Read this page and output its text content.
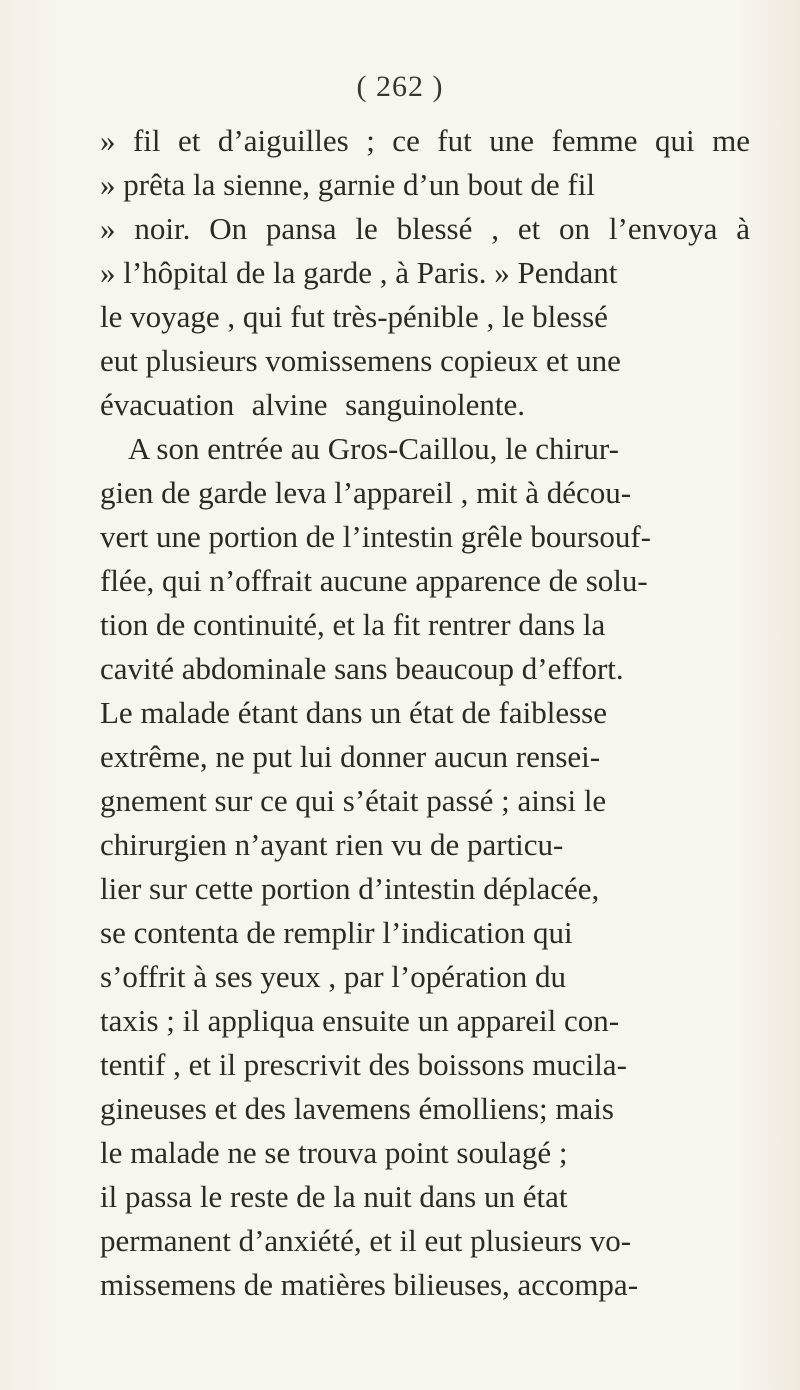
( 262 )
» fil et d’aiguilles ; ce fut une femme qui me
» prêta la sienne, garnie d’un bout de fil
» noir. On pansa le blessé , et on l’envoya à
» l’hôpital de la garde , à Paris. » Pendant
le voyage , qui fut très-pénible , le blessé
eut plusieurs vomissemens copieux et une
évacuation alvine sanguinolente.
A son entrée au Gros-Caillou, le chirur-
gien de garde leva l’appareil , mit à décou-
vert une portion de l’intestin grêle boursouf-
flée, qui n’offrait aucune apparence de solu-
tion de continuité, et la fit rentrer dans la
cavité abdominale sans beaucoup d’effort.
Le malade étant dans un état de faiblesse
extrême, ne put lui donner aucun rensei-
gnement sur ce qui s’était passé ; ainsi le
chirurgien n’ayant rien vu de particu-
lier sur cette portion d’intestin déplacée,
se contenta de remplir l’indication qui
s’offrit à ses yeux , par l’opération du
taxis ; il appliqua ensuite un appareil con-
tentif , et il prescrivit des boissons mucila-
gineuses et des lavemens émolliens; mais
le malade ne se trouva point soulagé ;
il passa le reste de la nuit dans un état
permanent d’anxiété, et il eut plusieurs vo-
missemens de matières bilieuses, accompa-
